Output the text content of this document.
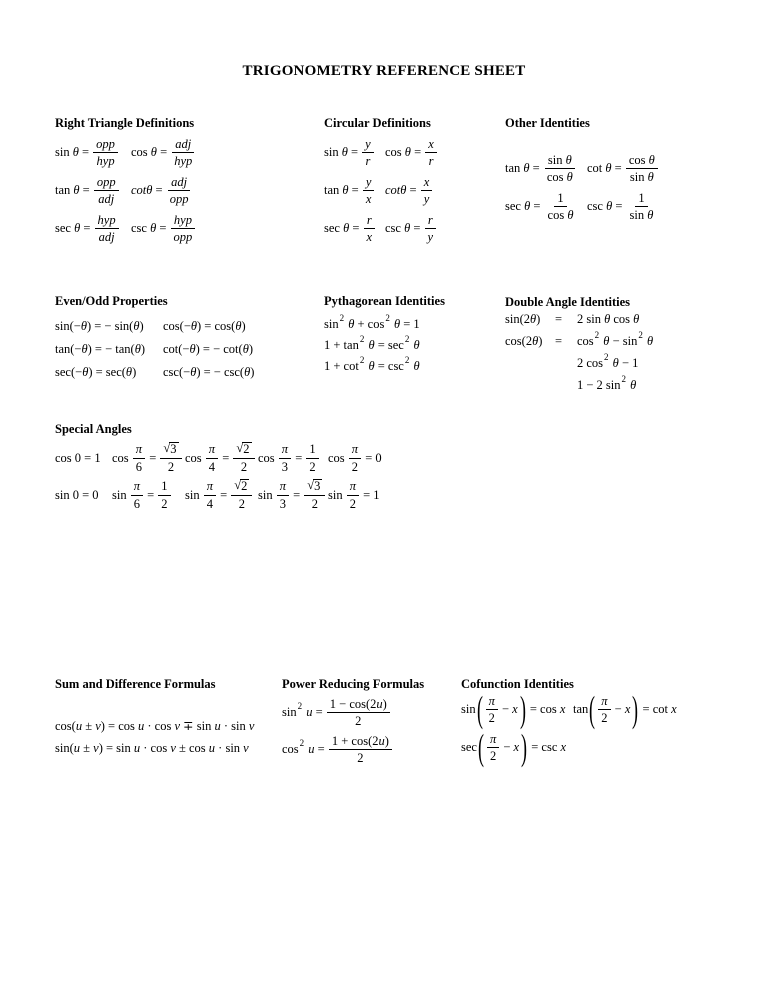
TRIGONOMETRY REFERENCE SHEET
Right Triangle Definitions
$\sin \theta = \frac{\text{opp}}{\text{hyp}}$ $\cos \theta = \frac{\text{adj}}{\text{hyp}}$
$\tan \theta = \frac{\text{opp}}{\text{adj}}$ $\cot\theta = \frac{\text{adj}}{\text{opp}}$
$\sec \theta = \frac{\text{hyp}}{\text{adj}}$ $\csc \theta = \frac{\text{hyp}}{\text{opp}}$
Circular Definitions
$\sin \theta = \frac{y}{r}$ $\cos \theta = \frac{x}{r}$
$\tan \theta = \frac{y}{x}$ $\cot\theta = \frac{x}{y}$
$\sec \theta = \frac{r}{x}$ $\csc \theta = \frac{r}{y}$
Other Identities
$\tan \theta = \frac{\text{sin θ}}{\text{cos θ}}$ $\cot \theta = \frac{\text{cos θ}}{\text{sin θ}}$
$\sec \theta = \frac{1}{\text{cos θ}}$ $\csc \theta = \frac{1}{\text{sin θ}}$
Even/Odd Properties
sin(− θ ) = − sin( θ ) cos(− θ ) = cos( θ )
tan(− θ ) = − tan( θ ) cot(− θ ) = − cot( θ )
sec(− θ ) = sec( θ ) csc(− θ ) = − csc( θ )
Pythagorean Identities
sin 2
θ + cos 2
θ = 1
1 + tan 2
θ = sec 2
θ
1 + cot 2
θ = csc 2
θ
Double Angle Identities
sin(2 θ ) = 2 sin θ cos θ
cos(2 θ ) = cos 2
θ − sin 2
θ
2 cos 2
θ − 1
1 − 2 sin 2
θ
Special Angles
cos 0 = 1 $\cos \frac{\pi}{6} = \frac{√ 3}{2}$ $\cos \frac{\pi}{4} = \frac{√ 2}{2}$ $\cos \frac{\pi}{3} = \frac{1}{2}$ $\cos \frac{\pi}{2} = 0$
sin 0 = 0 $\sin \frac{\pi}{6} = \frac{1}{2}$ $\sin \frac{\pi}{4} = \frac{√ 2}{2}$ $\sin \frac{\pi}{3} = \frac{√ 3}{2}$ $\sin \frac{\pi}{2} = 1$
Sum and Difference Formulas
cos( u ± v ) = cos u · cos v ∓ sin u · sin v
sin( u ± v ) = sin u · cos v ± cos u · sin v
Power Reducing Formulas
sin 2
$u = \frac{1 - \cos(2 u )}{2}$
cos 2
$u = \frac{1 + \cos(2 u )}{2}$
Cofunction Identities
sin ( $\frac{\pi}{2} - x$ ) = cos x tan ( $\frac{\pi}{2} - x$ ) = cot x
sec ( $\frac{\pi}{2} - x$ ) = csc x
